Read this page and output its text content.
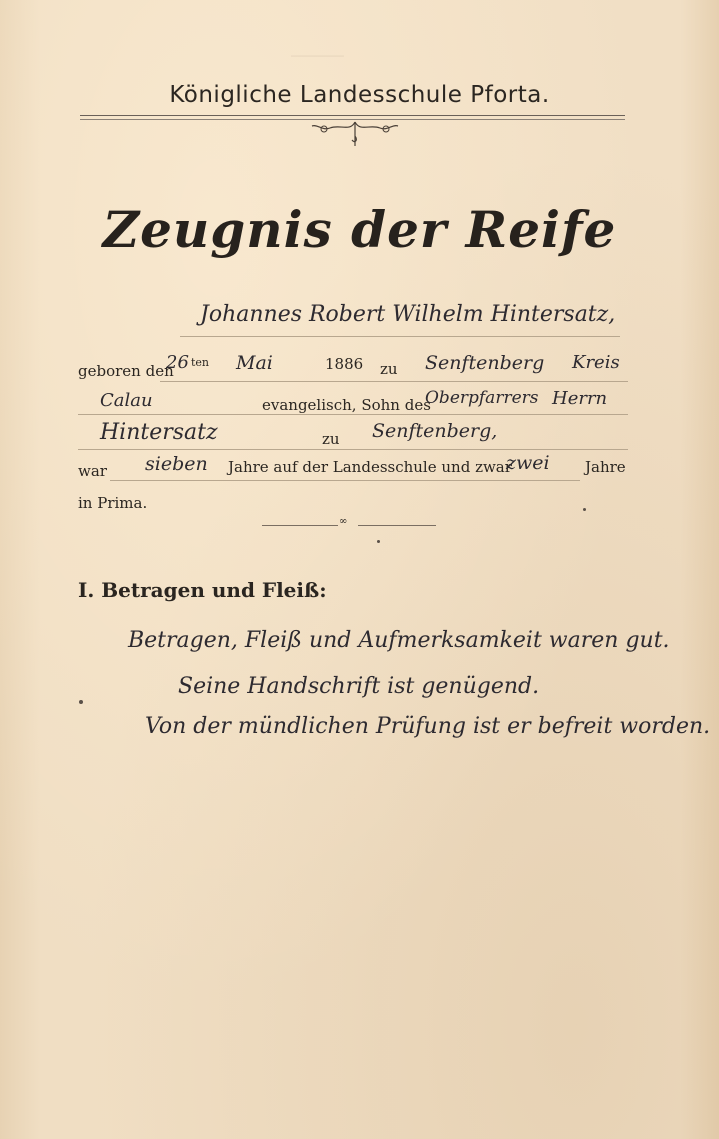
⸻
Königliche Landesschule Pforta.
Zeugnis der Reife
Johannes Robert Wilhelm Hintersatz,
geboren den
26 ten Mai	1886 zu Senftenberg Kreis
Calau	evangelisch, Sohn des
Oberpfarrers Herrn
Hintersatz	zu Senftenberg,
war sieben Jahre auf der Landesschule und zwar
zwei Jahre
in Prima.
∞
I. Betragen und Fleiß:
Betragen, Fleiß und Aufmerksamkeit waren gut.
Seine Handschrift ist genügend.
Von der mündlichen Prüfung ist er befreit worden.
